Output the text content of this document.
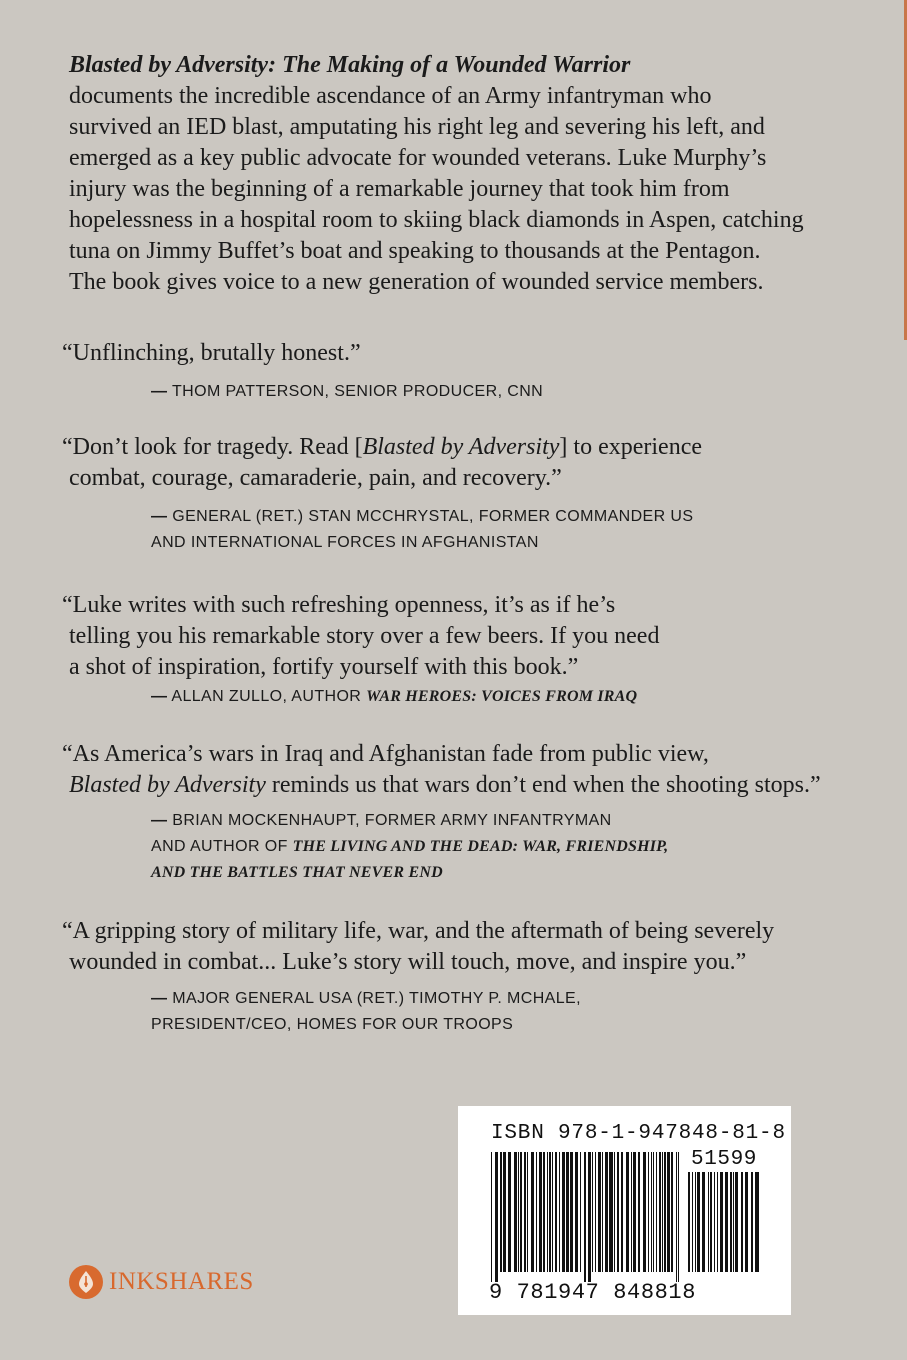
Blasted by Adversity: The Making of a Wounded Warrior
documents the incredible ascendance of an Army infantryman who
survived an IED blast, amputating his right leg and severing his left, and
emerged as a key public advocate for wounded veterans. Luke Murphy’s
injury was the beginning of a remarkable journey that took him from
hopelessness in a hospital room to skiing black diamonds in Aspen, catching
tuna on Jimmy Buffet’s boat and speaking to thousands at the Pentagon.
The book gives voice to a new generation of wounded service members.

“Unflinching, brutally honest.”

— THOM PATTERSON, SENIOR PRODUCER, CNN

“Don’t look for tragedy. Read [Blasted by Adversity] to experience
combat, courage, camaraderie, pain, and recovery.”

— GENERAL (RET.) STAN MCCHRYSTAL, FORMER COMMANDER US
AND INTERNATIONAL FORCES IN AFGHANISTAN

“Luke writes with such refreshing openness, it’s as if he’s
telling you his remarkable story over a few beers. If you need
a shot of inspiration, fortify yourself with this book.”

— ALLAN ZULLO, AUTHOR WAR HEROES: VOICES FROM IRAQ

“As America’s wars in Iraq and Afghanistan fade from public view,
Blasted by Adversity reminds us that wars don’t end when the shooting stops.”

— BRIAN MOCKENHAUPT, FORMER ARMY INFANTRYMAN
AND AUTHOR OF THE LIVING AND THE DEAD: WAR, FRIENDSHIP,
AND THE BATTLES THAT NEVER END

“A gripping story of military life, war, and the aftermath of being severely
wounded in combat... Luke’s story will touch, move, and inspire you.”

— MAJOR GENERAL USA (RET.) TIMOTHY P. MCHALE,
PRESIDENT/CEO, HOMES FOR OUR TROOPS

INKSHARES
ISBN 978-1-947848-81-8
51599
9 781947 848818
